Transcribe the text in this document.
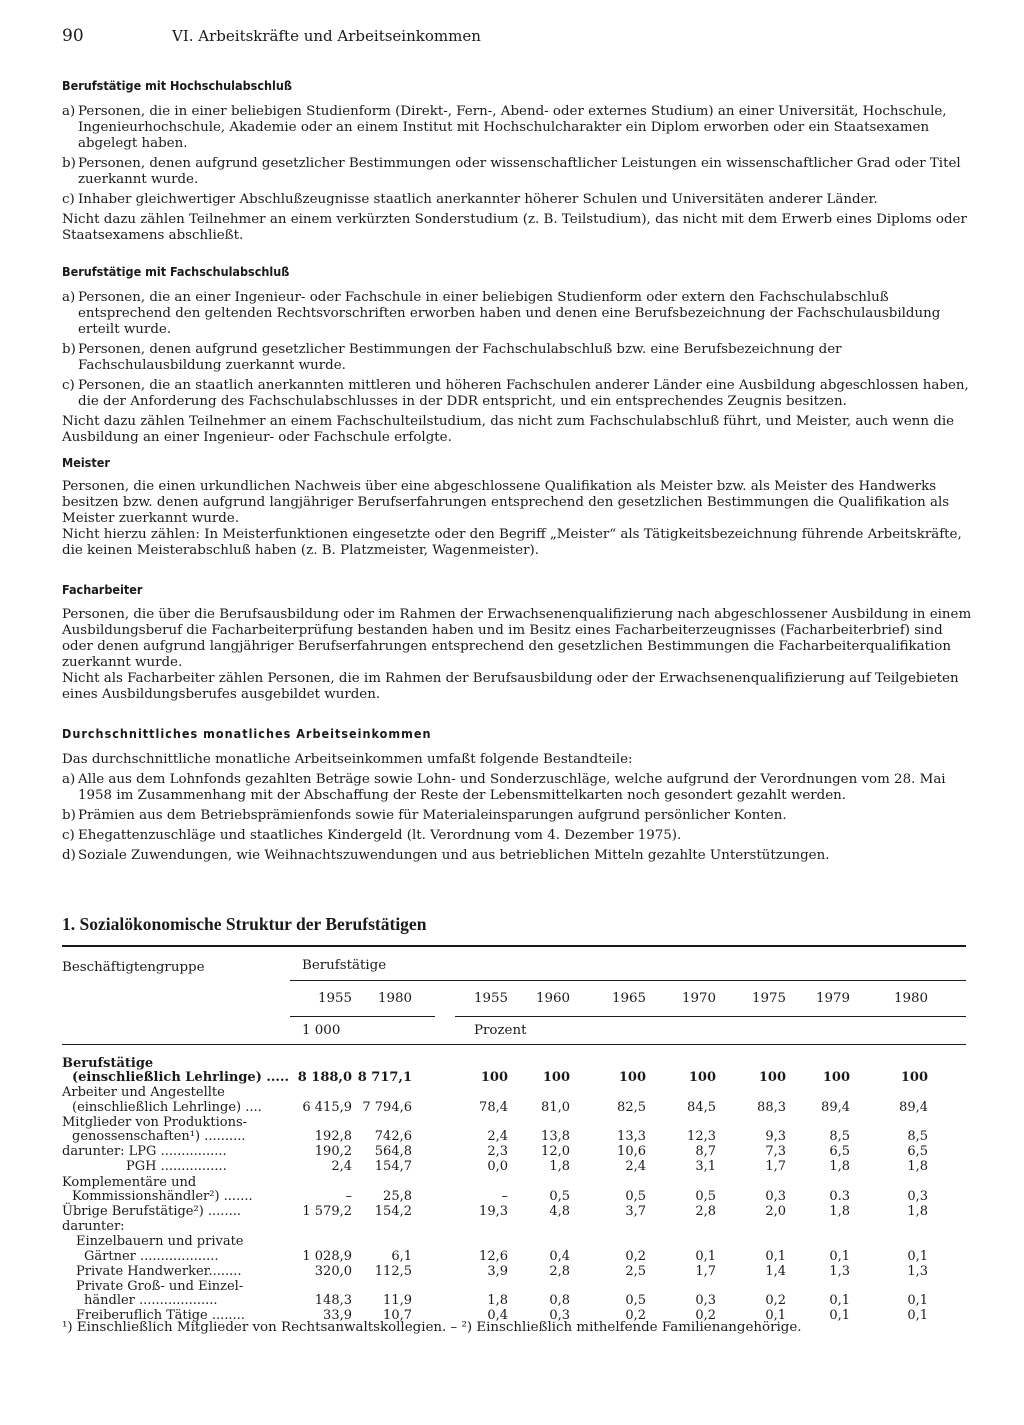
90	VI. Arbeitskräfte und Arbeitseinkommen
Berufstätige mit Hochschulabschluß

a) Personen, die in einer beliebigen Studienform (Direkt-, Fern-, Abend- oder externes Studium) an einer Universität, Hochschule, Ingenieurhochschule, Akademie oder an einem Institut mit Hochschulcharakter ein Diplom erworben oder ein Staatsexamen abgelegt haben.

b) Personen, denen aufgrund gesetzlicher Bestimmungen oder wissenschaftlicher Leistungen ein wissenschaftlicher Grad oder Titel zuerkannt wurde.

c) Inhaber gleichwertiger Abschlußzeugnisse staatlich anerkannter höherer Schulen und Universitäten anderer Länder.

Nicht dazu zählen Teilnehmer an einem verkürzten Sonderstudium (z. B. Teilstudium), das nicht mit dem Erwerb eines Diploms oder Staatsexamens abschließt.

Berufstätige mit Fachschulabschluß

a) Personen, die an einer Ingenieur- oder Fachschule in einer beliebigen Studienform oder extern den Fachschulabschluß entsprechend den geltenden Rechtsvorschriften erworben haben und denen eine Berufsbezeichnung der Fachschulausbildung erteilt wurde.

b) Personen, denen aufgrund gesetzlicher Bestimmungen der Fachschulabschluß bzw. eine Berufsbezeichnung der Fachschulausbildung zuerkannt wurde.

c) Personen, die an staatlich anerkannten mittleren und höheren Fachschulen anderer Länder eine Ausbildung abgeschlossen haben, die der Anforderung des Fachschulabschlusses in der DDR entspricht, und ein entsprechendes Zeugnis besitzen.

Nicht dazu zählen Teilnehmer an einem Fachschulteilstudium, das nicht zum Fachschulabschluß führt, und Meister, auch wenn die Ausbildung an einer Ingenieur- oder Fachschule erfolgte.

Meister

Personen, die einen urkundlichen Nachweis über eine abgeschlossene Qualifikation als Meister bzw. als Meister des Handwerks besitzen bzw. denen aufgrund langjähriger Berufserfahrungen entsprechend den gesetzlichen Bestimmungen die Qualifikation als Meister zuerkannt wurde.

Nicht hierzu zählen: In Meisterfunktionen eingesetzte oder den Begriff „Meister“ als Tätigkeitsbezeichnung führende Arbeitskräfte, die keinen Meisterabschluß haben (z. B. Platzmeister, Wagenmeister).

Facharbeiter

Personen, die über die Berufsausbildung oder im Rahmen der Erwachsenenqualifizierung nach abgeschlossener Ausbildung in einem Ausbildungsberuf die Facharbeiterprüfung bestanden haben und im Besitz eines Facharbeiterzeugnisses (Facharbeiterbrief) sind oder denen aufgrund langjähriger Berufserfahrungen entsprechend den gesetzlichen Bestimmungen die Facharbeiterqualifikation zuerkannt wurde.

Nicht als Facharbeiter zählen Personen, die im Rahmen der Berufsausbildung oder der Erwachsenenqualifizierung auf Teilgebieten eines Ausbildungsberufes ausgebildet wurden.

Durchschnittliches monatliches Arbeitseinkommen

Das durchschnittliche monatliche Arbeitseinkommen umfaßt folgende Bestandteile:

a) Alle aus dem Lohnfonds gezahlten Beträge sowie Lohn- und Sonderzuschläge, welche aufgrund der Verordnungen vom 28. Mai 1958 im Zusammenhang mit der Abschaffung der Reste der Lebensmittelkarten noch gesondert gezahlt werden.

b) Prämien aus dem Betriebsprämienfonds sowie für Materialeinsparungen aufgrund persönlicher Konten.

c) Ehegattenzuschläge und staatliches Kindergeld (lt. Verordnung vom 4. Dezember 1975).

d) Soziale Zuwendungen, wie Weihnachtszuwendungen und aus betrieblichen Mitteln gezahlte Unterstützungen.

1. Sozialökonomische Struktur der Berufstätigen
Beschäftigtengruppe	Berufstätige
1955 1980	1955 1960	1965	1970	1975 1979	1980
1 000	Prozent
Berufstätige
(einschließlich Lehrlinge) ..... 8 188,0 8 717,1	100	100	100	100	100	100	100
Arbeiter und Angestellte
(einschließlich Lehrlinge) ....	6 415,9 7 794,6	78,4	81,0	82,5	84,5	88,3	89,4	89,4
Mitglieder von Produktions-
genossenschaften¹) ..........	192,8	742,6	2,4	13,8	13,3	12,3	9,3	8,5	8,5
darunter: LPG ................	190,2	564,8	2,3	12,0	10,6	8,7	7,3	6,5	6,5
PGH ................	2,4	154,7	0,0	1,8	2,4	3,1	1,7	1,8	1,8
Komplementäre und
Kommissionshändler²) .......	–	25,8	–	0,5	0,5	0,5	0,3	0.3	0,3
Übrige Berufstätige²) ........	1 579,2	154,2	19,3	4,8	3,7	2,8	2,0	1,8	1,8
darunter:
Einzelbauern und private
Gärtner ...................	1 028,9	6,1	12,6	0,4	0,2	0,1	0,1	0,1	0,1
Private Handwerker........	320,0	112,5	3,9	2,8	2,5	1,7	1,4	1,3	1,3
Private Groß- und Einzel-
händler ...................	148,3	11,9	1,8	0,8	0,5	0,3	0,2	0,1	0,1
Freiberuflich Tätige ........	33,9	10,7	0,4	0,3	0,2	0,2	0,1	0,1	0,1
¹) Einschließlich Mitglieder von Rechtsanwaltskollegien. – ²) Einschließlich mithelfende Familienangehörige.
